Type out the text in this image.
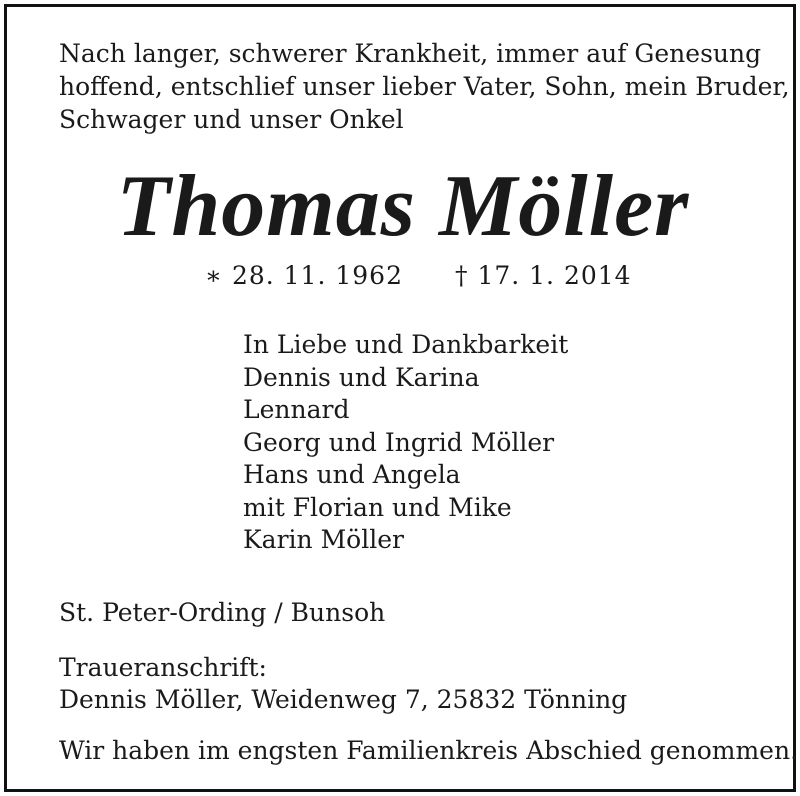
Nach langer, schwerer Krankheit, immer auf Genesung
hoffend, entschlief unser lieber Vater, Sohn, mein Bruder,
Schwager und unser Onkel

Thomas Möller
∗ 28. 11. 1962 † 17. 1. 2014
In Liebe und Dankbarkeit
Dennis und Karina
Lennard
Georg und Ingrid Möller
Hans und Angela
mit Florian und Mike
Karin Möller

St. Peter-Ording / Bunsoh

Traueranschrift:
Dennis Möller, Weidenweg 7, 25832 Tönning

Wir haben im engsten Familienkreis Abschied genommen.
